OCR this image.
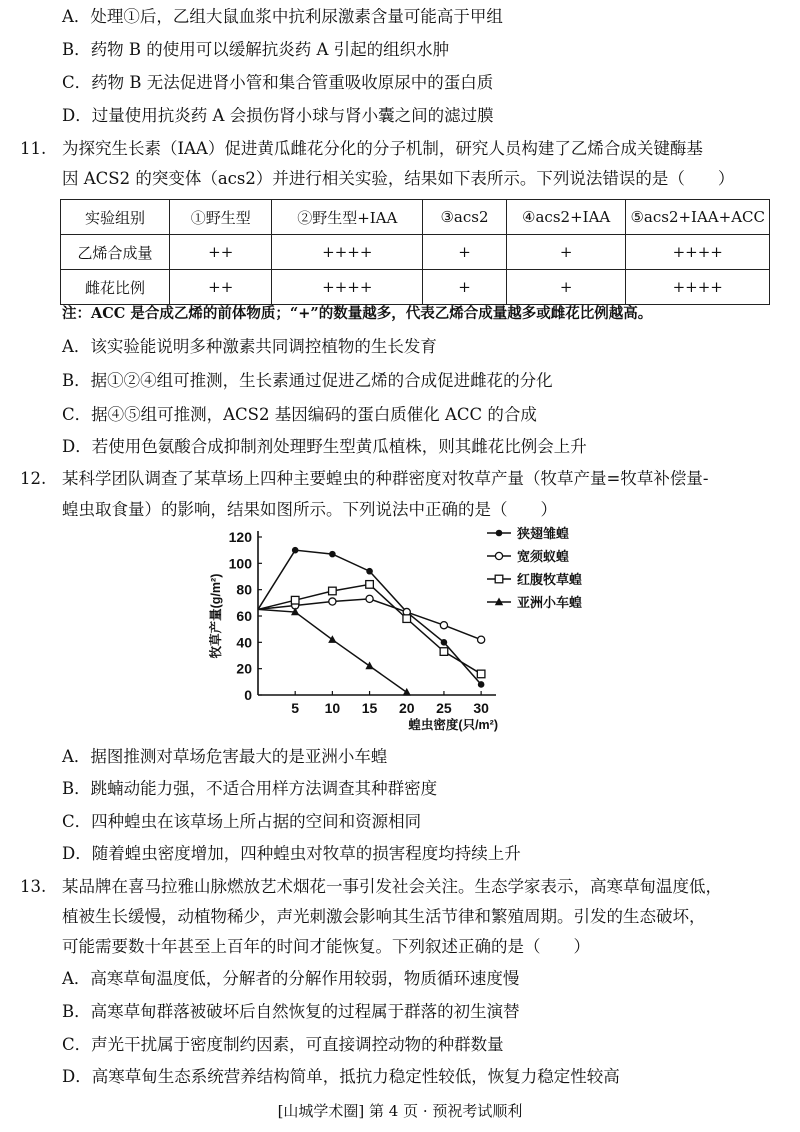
A．处理①后，乙组大鼠血浆中抗利尿激素含量可能高于甲组
B．药物 B 的使用可以缓解抗炎药 A 引起的组织水肿
C．药物 B 无法促进肾小管和集合管重吸收原尿中的蛋白质
D．过量使用抗炎药 A 会损伤肾小球与肾小囊之间的滤过膜
11. 为探究生长素（IAA）促进黄瓜雌花分化的分子机制，研究人员构建了乙烯合成关键酶基
因 ACS2 的突变体（acs2）并进行相关实验，结果如下表所示。下列说法错误的是（　　）
实验组别	①野生型	②野生型+IAA	③acs2	④acs2+IAA	⑤acs2+IAA+ACC
乙烯合成量	++	++++	+	+	++++
雌花比例	++	++++	+	+	++++
注：ACC 是合成乙烯的前体物质；“+”的数量越多，代表乙烯合成量越多或雌花比例越高。
A．该实验能说明多种激素共同调控植物的生长发育
B．据①②④组可推测，生长素通过促进乙烯的合成促进雌花的分化
C．据④⑤组可推测，ACS2 基因编码的蛋白质催化 ACC 的合成
D．若使用色氨酸合成抑制剂处理野生型黄瓜植株，则其雌花比例会上升
12. 某科学团队调查了某草场上四种主要蝗虫的种群密度对牧草产量（牧草产量=牧草补偿量-
蝗虫取食量）的影响，结果如图所示。下列说法中正确的是（　　）
0
20
40
60
80
100
120
5 10 15 20 25 30
牧草产量(g/m²)
蝗虫密度(只/m²)
狭翅雏蝗
宽须蚁蝗
红腹牧草蝗
亚洲小车蝗
A．据图推测对草场危害最大的是亚洲小车蝗
B．跳蝻动能力强，不适合用样方法调查其种群密度
C．四种蝗虫在该草场上所占据的空间和资源相同
D．随着蝗虫密度增加，四种蝗虫对牧草的损害程度均持续上升
13. 某品牌在喜马拉雅山脉燃放艺术烟花一事引发社会关注。生态学家表示，高寒草甸温度低，
植被生长缓慢，动植物稀少，声光刺激会影响其生活节律和繁殖周期。引发的生态破坏，
可能需要数十年甚至上百年的时间才能恢复。下列叙述正确的是（　　）
A．高寒草甸温度低，分解者的分解作用较弱，物质循环速度慢
B．高寒草甸群落被破坏后自然恢复的过程属于群落的初生演替
C．声光干扰属于密度制约因素，可直接调控动物的种群数量
D．高寒草甸生态系统营养结构简单，抵抗力稳定性较低，恢复力稳定性较高
[山城学术圈] 第 4 页 · 预祝考试顺利
